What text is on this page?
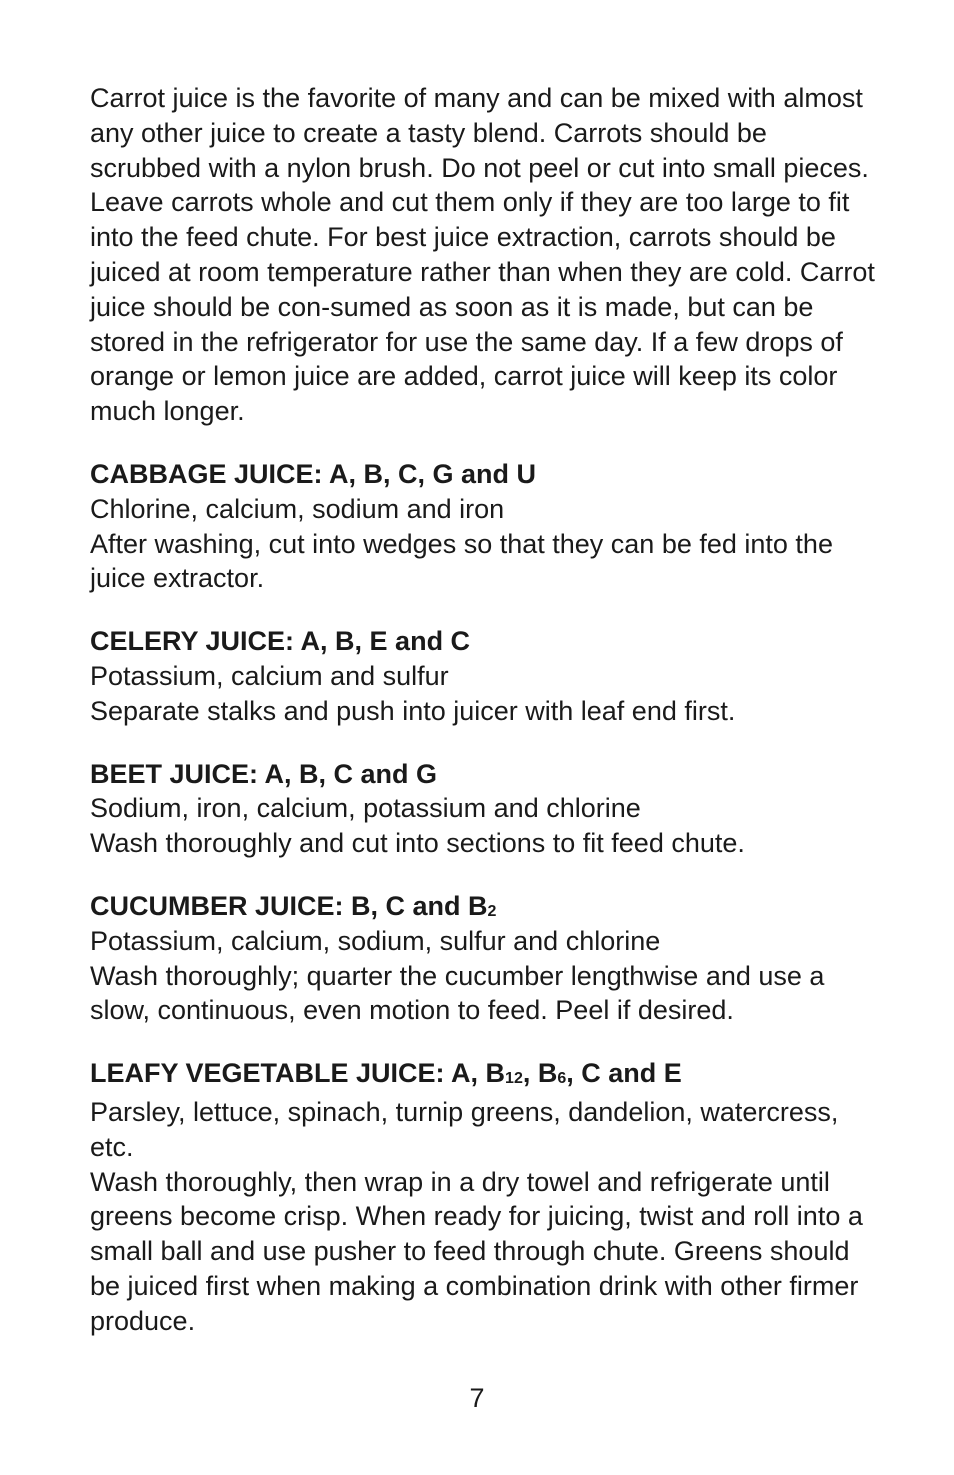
Carrot juice is the favorite of many and can be mixed with almost any other juice to create a tasty blend. Carrots should be scrubbed with a nylon brush. Do not peel or cut into small pieces. Leave carrots whole and cut them only if they are too large to fit into the feed chute. For best juice extraction, carrots should be juiced at room temperature rather than when they are cold. Carrot juice should be con-sumed as soon as it is made, but can be stored in the refrigerator for use the same day. If a few drops of orange or lemon juice are added, carrot juice will keep its color much longer.

CABBAGE JUICE: A, B, C, G and U

Chlorine, calcium, sodium and iron

After washing, cut into wedges so that they can be fed into the juice extractor.

CELERY JUICE: A, B, E and C

Potassium, calcium and sulfur

Separate stalks and push into juicer with leaf end first.

BEET JUICE: A, B, C and G

Sodium, iron, calcium, potassium and chlorine

Wash thoroughly and cut into sections to fit feed chute.

CUCUMBER JUICE: B, C and $B_2$

Potassium, calcium, sodium, sulfur and chlorine

Wash thoroughly; quarter the cucumber lengthwise and use a slow, continuous, even motion to feed. Peel if desired.

LEAFY VEGETABLE JUICE: A, $B_{12}$, $B_6$, C and E

Parsley, lettuce, spinach, turnip greens, dandelion, watercress, etc.

Wash thoroughly, then wrap in a dry towel and refrigerate until greens become crisp. When ready for juicing, twist and roll into a small ball and use pusher to feed through chute. Greens should be juiced first when making a combination drink with other firmer produce.

7
